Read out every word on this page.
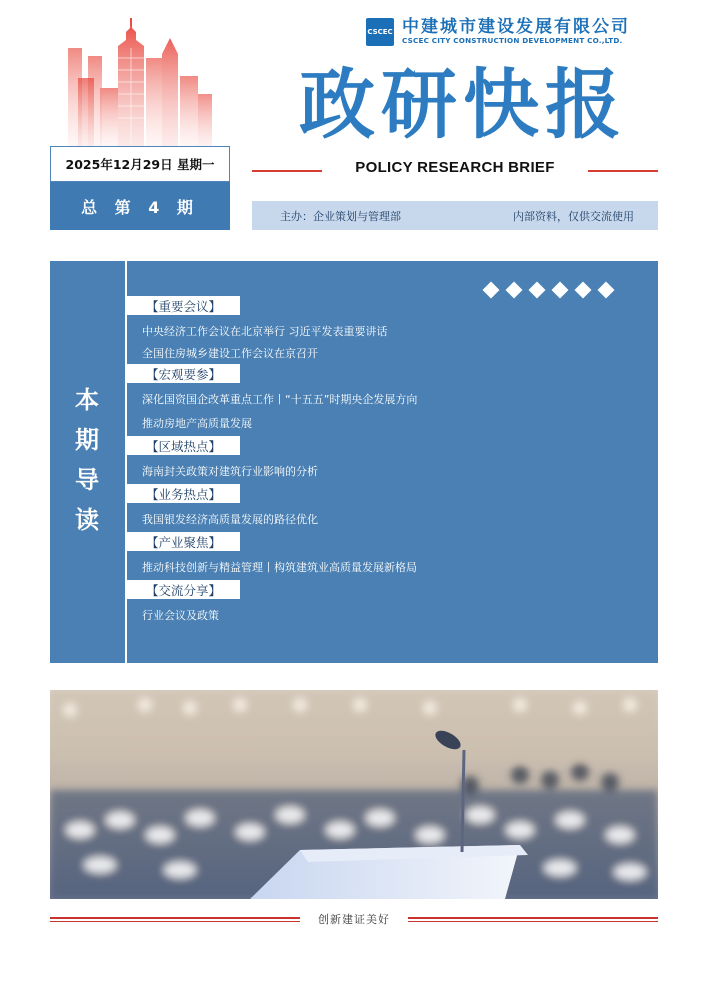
CSCEC 中建城市建设发展有限公司
CSCEC CITY CONSTRUCTION DEVELOPMENT CO.,LTD.
政研快报
2025年12月29日 星期一
总 第 4 期
POLICY RESEARCH BRIEF
主办：企业策划与管理部	内部资料，仅供交流使用
本
期
导
读
【重要会议】
中央经济工作会议在北京举行 习近平发表重要讲话
全国住房城乡建设工作会议在京召开
【宏观要参】
深化国资国企改革重点工作丨“十五五”时期央企发展方向
推动房地产高质量发展
【区域热点】
海南封关政策对建筑行业影响的分析
【业务热点】
我国银发经济高质量发展的路径优化
【产业聚焦】
推动科技创新与精益管理丨构筑建筑业高质量发展新格局
【交流分享】
行业会议及政策
创新建证美好
